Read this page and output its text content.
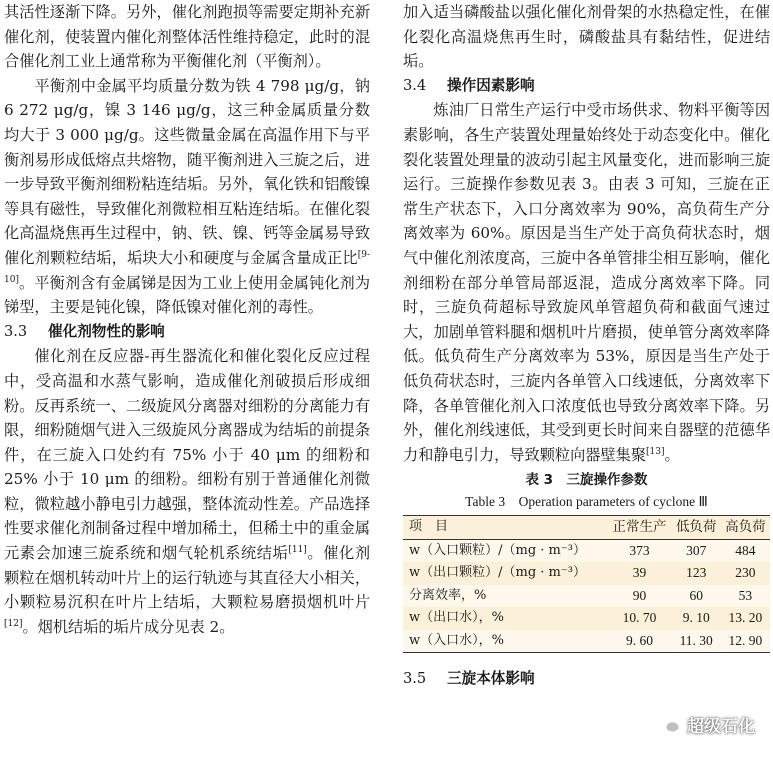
其活性逐渐下降。另外，催化剂跑损等需要定期补充新催化剂，使装置内催化剂整体活性维持稳定，此时的混合催化剂工业上通常称为平衡催化剂（平衡剂）。

平衡剂中金属平均质量分数为铁 4 798 μg/g，钠 6 272 μg/g，镍 3 146 μg/g，这三种金属质量分数均大于 3 000 μg/g。这些微量金属在高温作用下与平衡剂易形成低熔点共熔物，随平衡剂进入三旋之后，进一步导致平衡剂细粉粘连结垢。另外，氧化铁和铝酸镍等具有磁性，导致催化剂微粒相互粘连结垢。在催化裂化高温烧焦再生过程中，钠、铁、镍、钙等金属易导致催化剂颗粒结垢，垢块大小和硬度与金属含量成正比[9-10]。平衡剂含有金属锑是因为工业上使用金属钝化剂为锑型，主要是钝化镍，降低镍对催化剂的毒性。

3.3 催化剂物性的影响

催化剂在反应器-再生器流化和催化裂化反应过程中，受高温和水蒸气影响，造成催化剂破损后形成细粉。反再系统一、二级旋风分离器对细粉的分离能力有限，细粉随烟气进入三级旋风分离器成为结垢的前提条件，在三旋入口处约有 75% 小于 40 μm 的细粉和 25% 小于 10 μm 的细粉。细粉有别于普通催化剂微粒，微粒越小静电引力越强，整体流动性差。产品选择性要求催化剂制备过程中增加稀土，但稀土中的重金属元素会加速三旋系统和烟气轮机系统结垢[11]。催化剂颗粒在烟机转动叶片上的运行轨迹与其直径大小相关，小颗粒易沉积在叶片上结垢，大颗粒易磨损烟机叶片[12]。烟机结垢的垢片成分见表 2。

加入适当磷酸盐以强化催化剂骨架的水热稳定性，在催化裂化高温烧焦再生时，磷酸盐具有黏结性，促进结垢。

3.4 操作因素影响

炼油厂日常生产运行中受市场供求、物料平衡等因素影响，各生产装置处理量始终处于动态变化中。催化裂化装置处理量的波动引起主风量变化，进而影响三旋运行。三旋操作参数见表 3。由表 3 可知，三旋在正常生产状态下，入口分离效率为 90%，高负荷生产分离效率为 60%。原因是当生产处于高负荷状态时，烟气中催化剂浓度高，三旋中各单管排尘相互影响，催化剂细粉在部分单管局部返混，造成分离效率下降。同时，三旋负荷超标导致旋风单管超负荷和截面气速过大，加剧单管料腿和烟机叶片磨损，使单管分离效率降低。低负荷生产分离效率为 53%，原因是当生产处于低负荷状态时，三旋内各单管入口线速低，分离效率下降，各单管催化剂入口浓度低也导致分离效率下降。另外，催化剂线速低，其受到更长时间来自器壁的范德华力和静电引力，导致颗粒向器壁集聚[13]。

表 3　三旋操作参数
Table 3　Operation parameters of cyclone Ⅲ
项　目	正常生产	低负荷	高负荷
w（入口颗粒）/（mg · m⁻³）	373	307	484
w（出口颗粒）/（mg · m⁻³）	39	123	230
分离效率，%	90	60	53
w（出口水），%	10. 70	9. 10	13. 20
w（入口水），%	9. 60	11. 30	12. 90
3.5 三旋本体影响
超级石化
